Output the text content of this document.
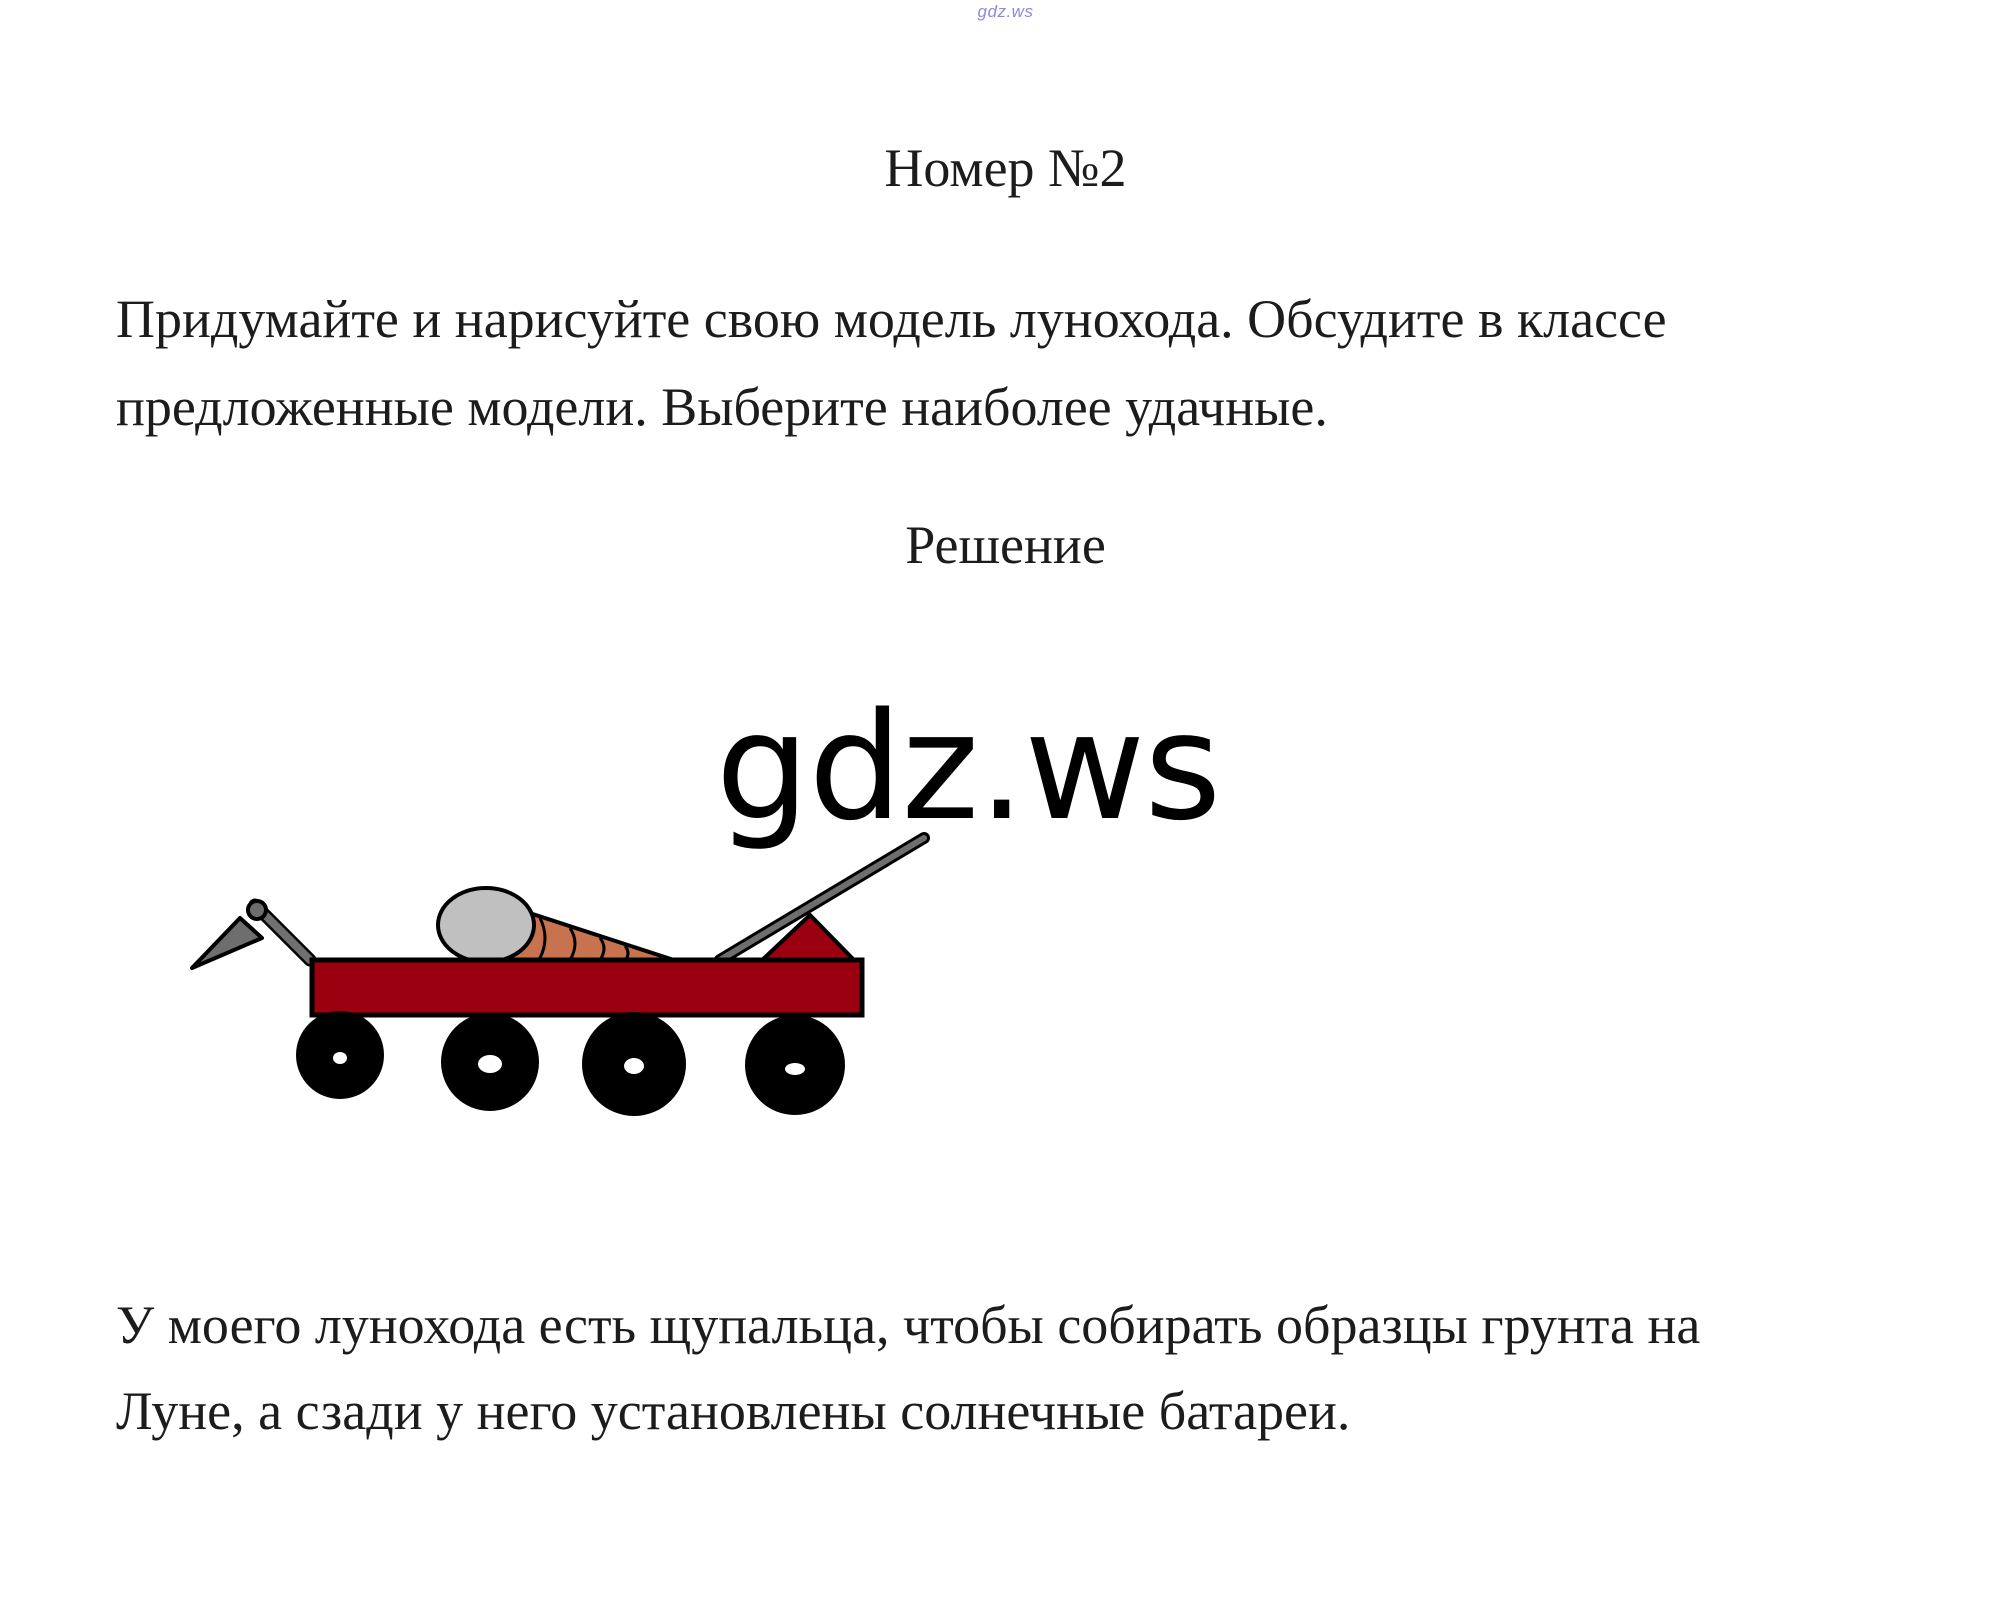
gdz.ws
Номер №2
Придумайте и нарисуйте свою модель лунохода. Обсудите в классе
предложенные модели. Выберите наиболее удачные.
Решение
gdz.ws
У моего лунохода есть щупальца, чтобы собирать образцы грунта на
Луне, а сзади у него установлены солнечные батареи.
